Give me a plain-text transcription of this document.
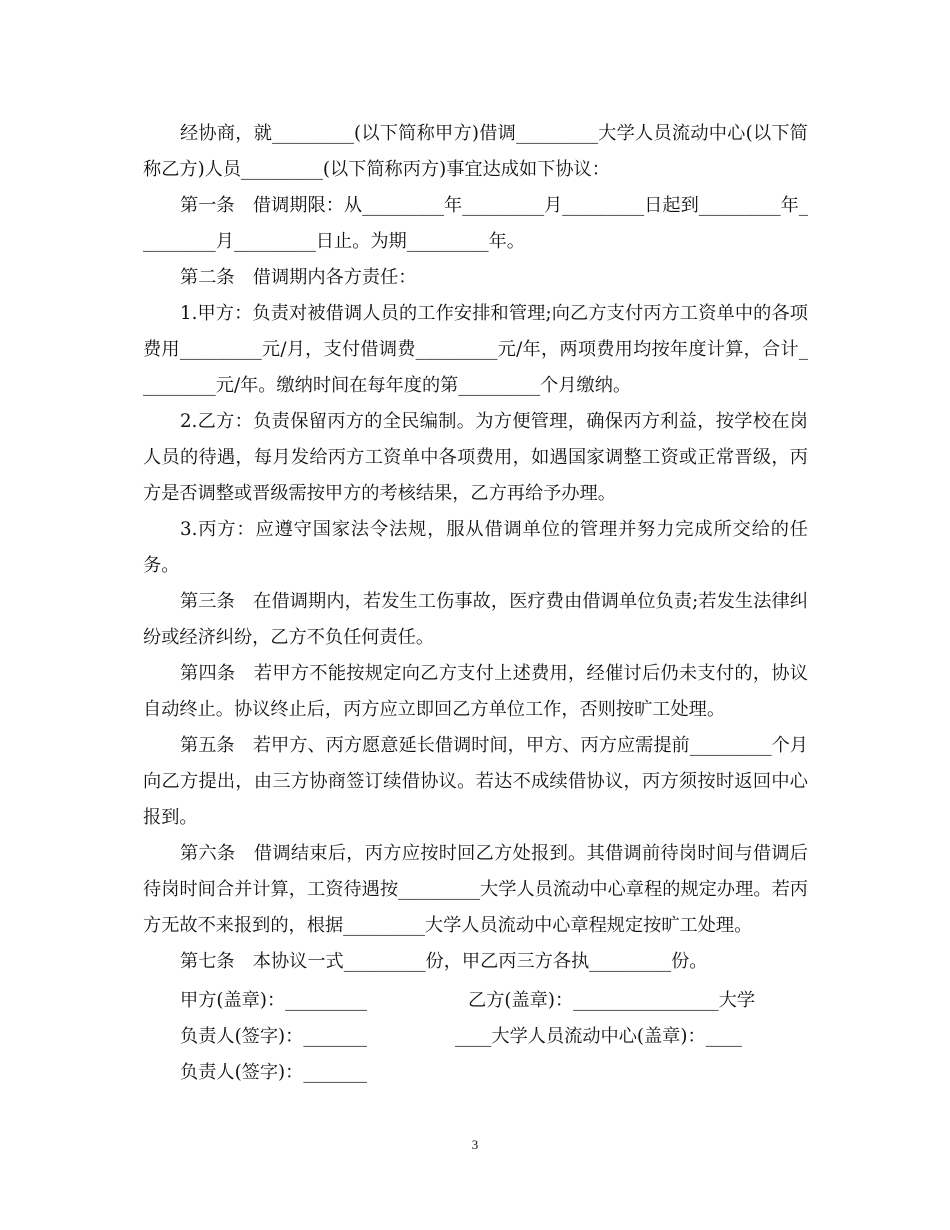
经协商，就_________(以下简称甲方)借调_________大学人员流动中心(以下简称乙方)人员_________(以下简称丙方)事宜达成如下协议：

第一条　借调期限：从_________年_________月_________日起到_________年_________月_________日止。为期_________年。

第二条　借调期内各方责任：

1.甲方：负责对被借调人员的工作安排和管理;向乙方支付丙方工资单中的各项费用_________元/月，支付借调费_________元/年，两项费用均按年度计算，合计_________元/年。缴纳时间在每年度的第_________个月缴纳。

2.乙方：负责保留丙方的全民编制。为方便管理，确保丙方利益，按学校在岗人员的待遇，每月发给丙方工资单中各项费用，如遇国家调整工资或正常晋级，丙方是否调整或晋级需按甲方的考核结果，乙方再给予办理。

3.丙方：应遵守国家法令法规，服从借调单位的管理并努力完成所交给的任务。

第三条　在借调期内，若发生工伤事故，医疗费由借调单位负责;若发生法律纠纷或经济纠纷，乙方不负任何责任。

第四条　若甲方不能按规定向乙方支付上述费用，经催讨后仍未支付的，协议自动终止。协议终止后，丙方应立即回乙方单位工作，否则按旷工处理。

第五条　若甲方、丙方愿意延长借调时间，甲方、丙方应需提前_________个月向乙方提出，由三方协商签订续借协议。若达不成续借协议，丙方须按时返回中心报到。

第六条　借调结束后，丙方应按时回乙方处报到。其借调前待岗时间与借调后待岗时间合并计算，工资待遇按_________大学人员流动中心章程的规定办理。若丙方无故不来报到的，根据_________大学人员流动中心章程规定按旷工处理。

第七条　本协议一式_________份，甲乙丙三方各执_________份。

甲方(盖章)：_________	乙方(盖章)：________________大学
负责人(签字)：_______	____大学人员流动中心(盖章)：____
负责人(签字)：_______
3
